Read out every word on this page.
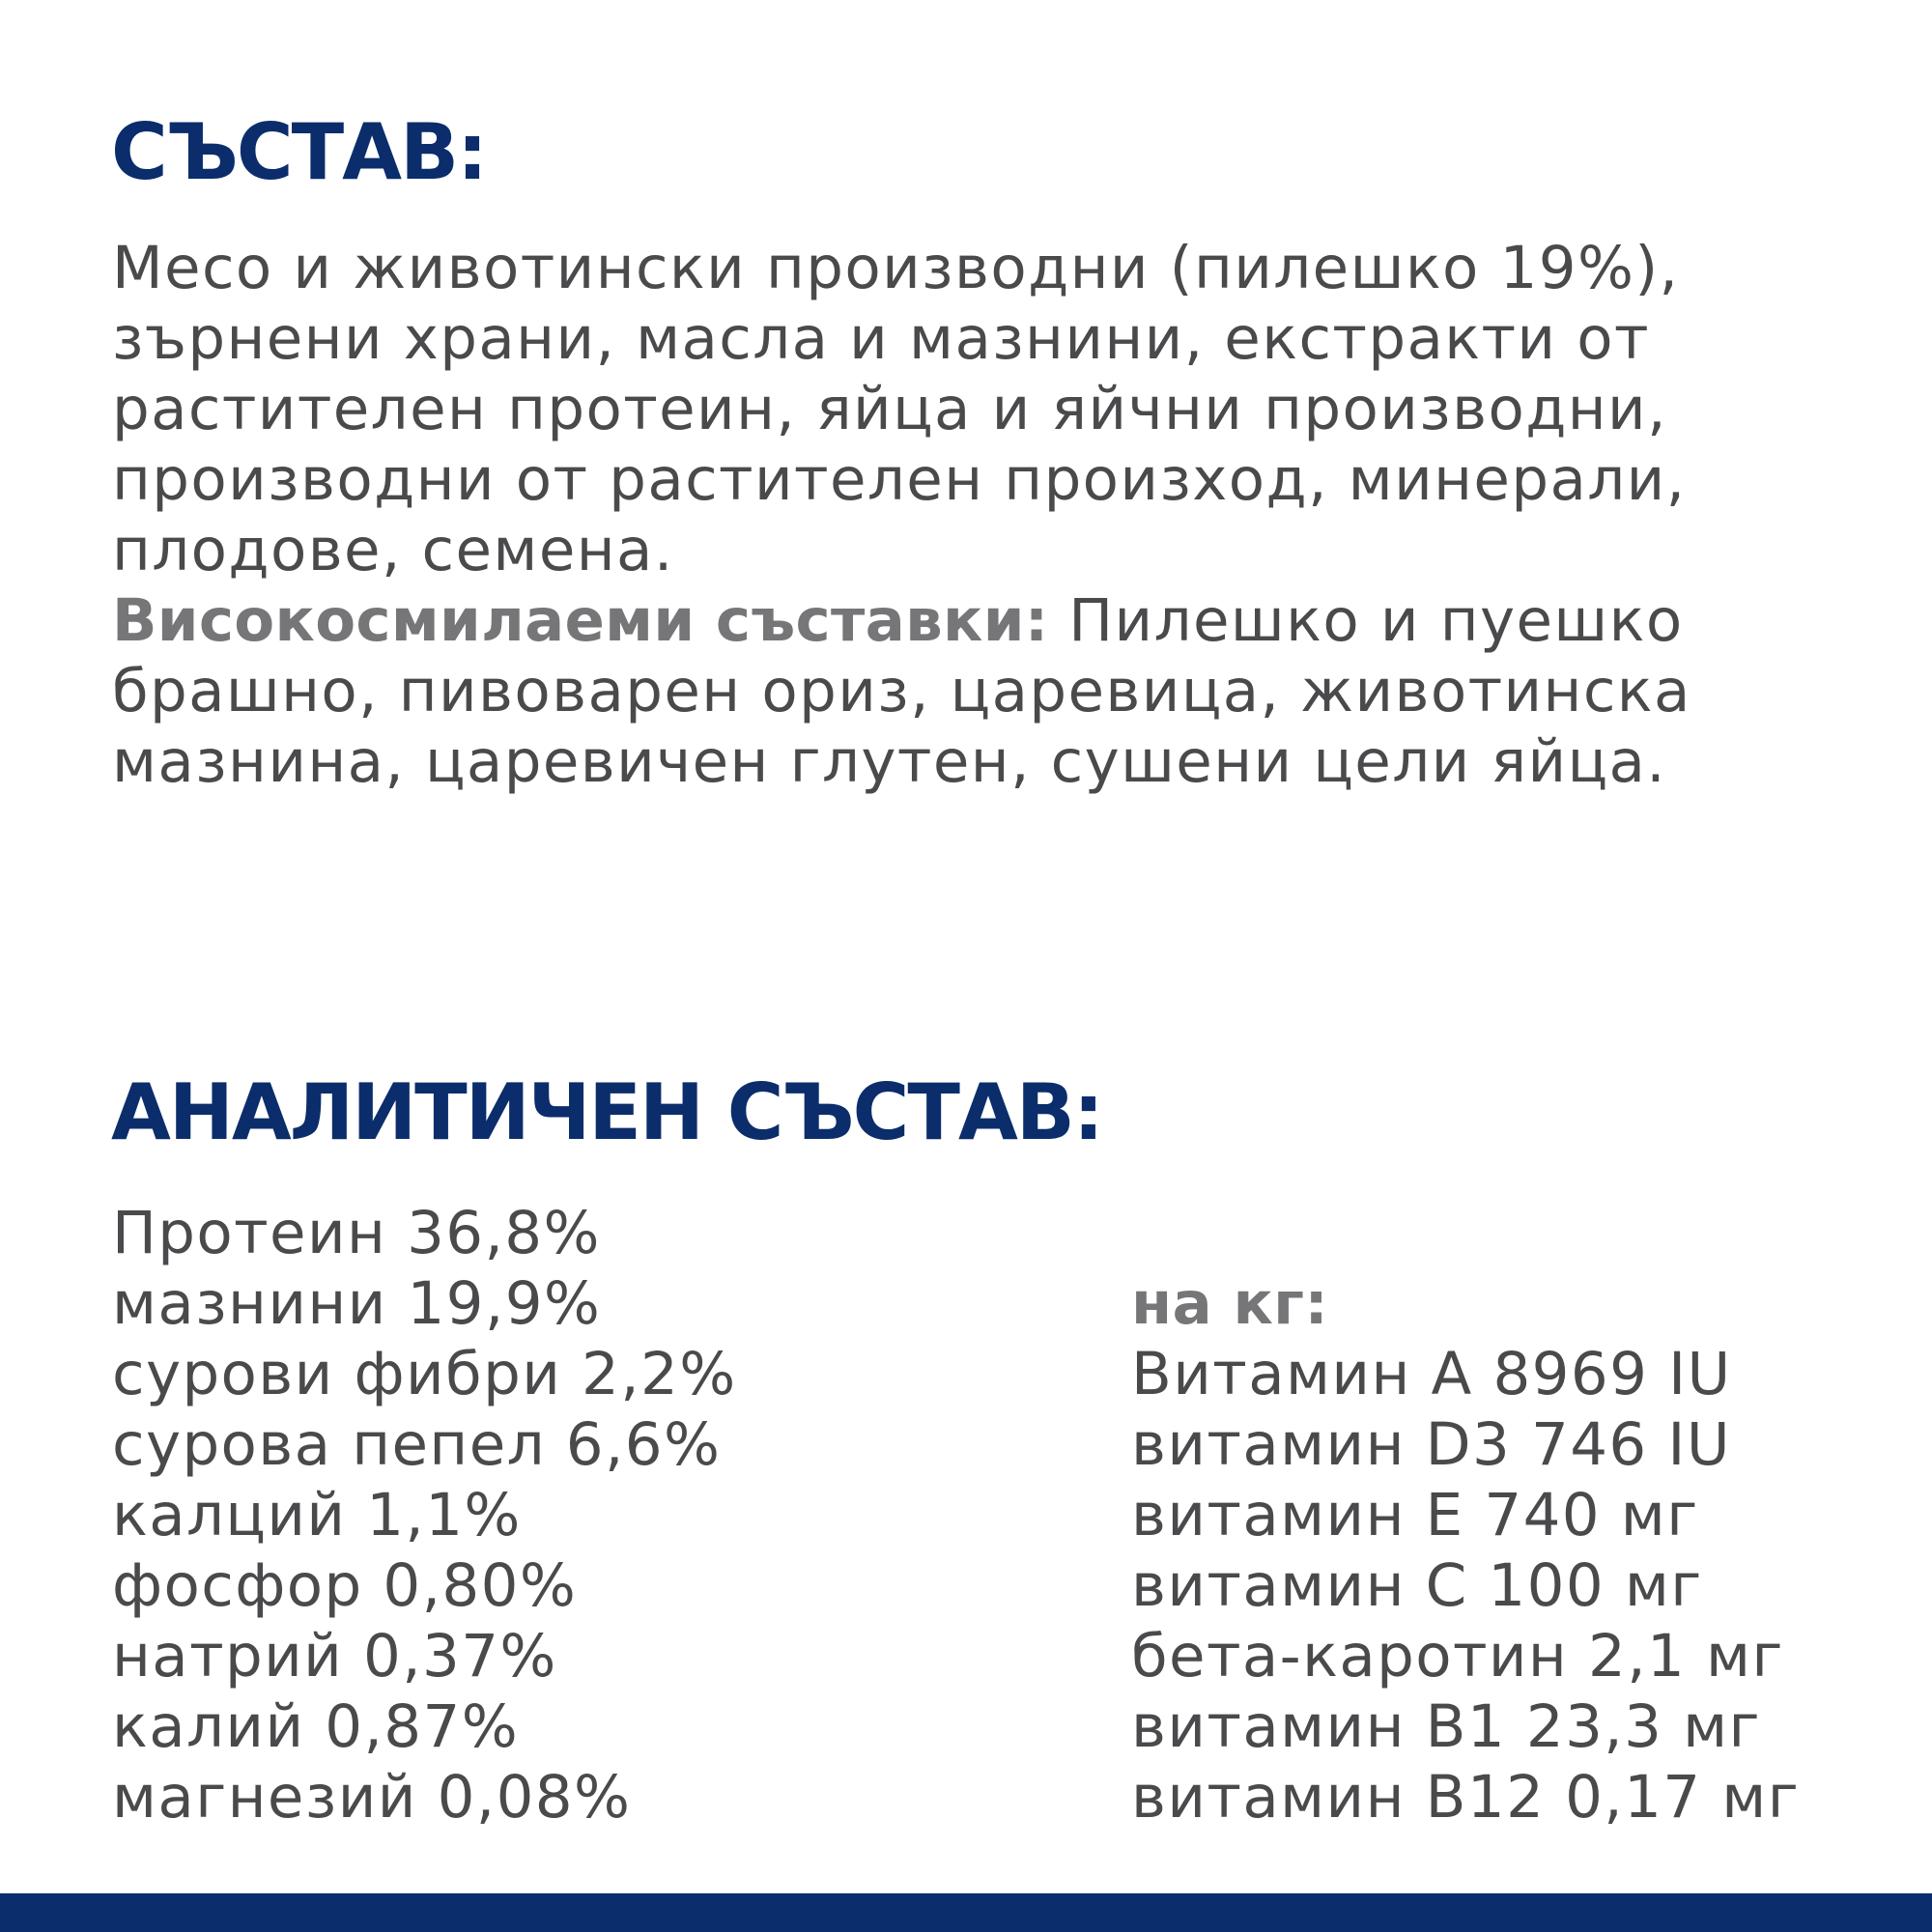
СЪСТАВ:
Месо и животински производни (пилешко 19%),
зърнени храни, масла и мазнини, екстракти от
растителен протеин, яйца и яйчни производни,
производни от растителен произход, минерали,
плодове, семена.
Високосмилаеми съставки: Пилешко и пуешко
брашно, пивоварен ориз, царевица, животинска
мазнина, царевичен глутен, сушени цели яйца.
АНАЛИТИЧЕН СЪСТАВ:
Протеин 36,8%
мазнини 19,9%
сурови фибри 2,2%
сурова пепел 6,6%
калций 1,1%
фосфор 0,80%
натрий 0,37%
калий 0,87%
магнезий 0,08%
на кг:
Витамин А 8969 IU
витамин D3 746 IU
витамин E 740 мг
витамин C 100 мг
бета-каротин 2,1 мг
витамин B1 23,3 мг
витамин B12 0,17 мг
